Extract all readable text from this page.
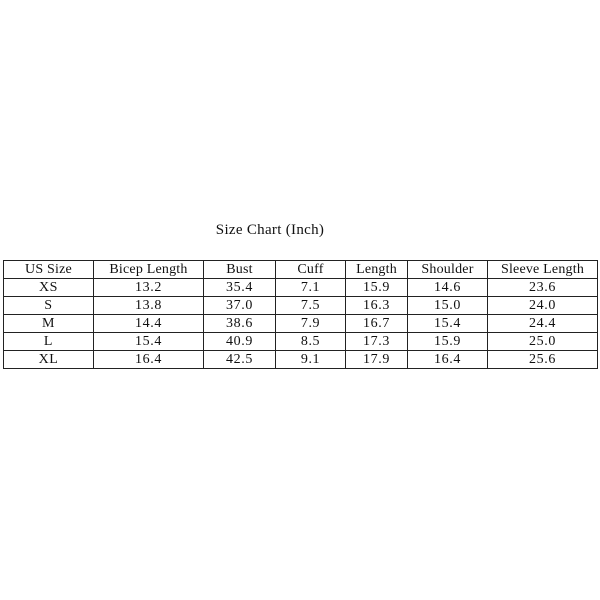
Size Chart (Inch)
US Size	Bicep Length	Bust	Cuff	Length	Shoulder	Sleeve Length
XS	13.2	35.4	7.1	15.9	14.6	23.6
S	13.8	37.0	7.5	16.3	15.0	24.0
M	14.4	38.6	7.9	16.7	15.4	24.4
L	15.4	40.9	8.5	17.3	15.9	25.0
XL	16.4	42.5	9.1	17.9	16.4	25.6
